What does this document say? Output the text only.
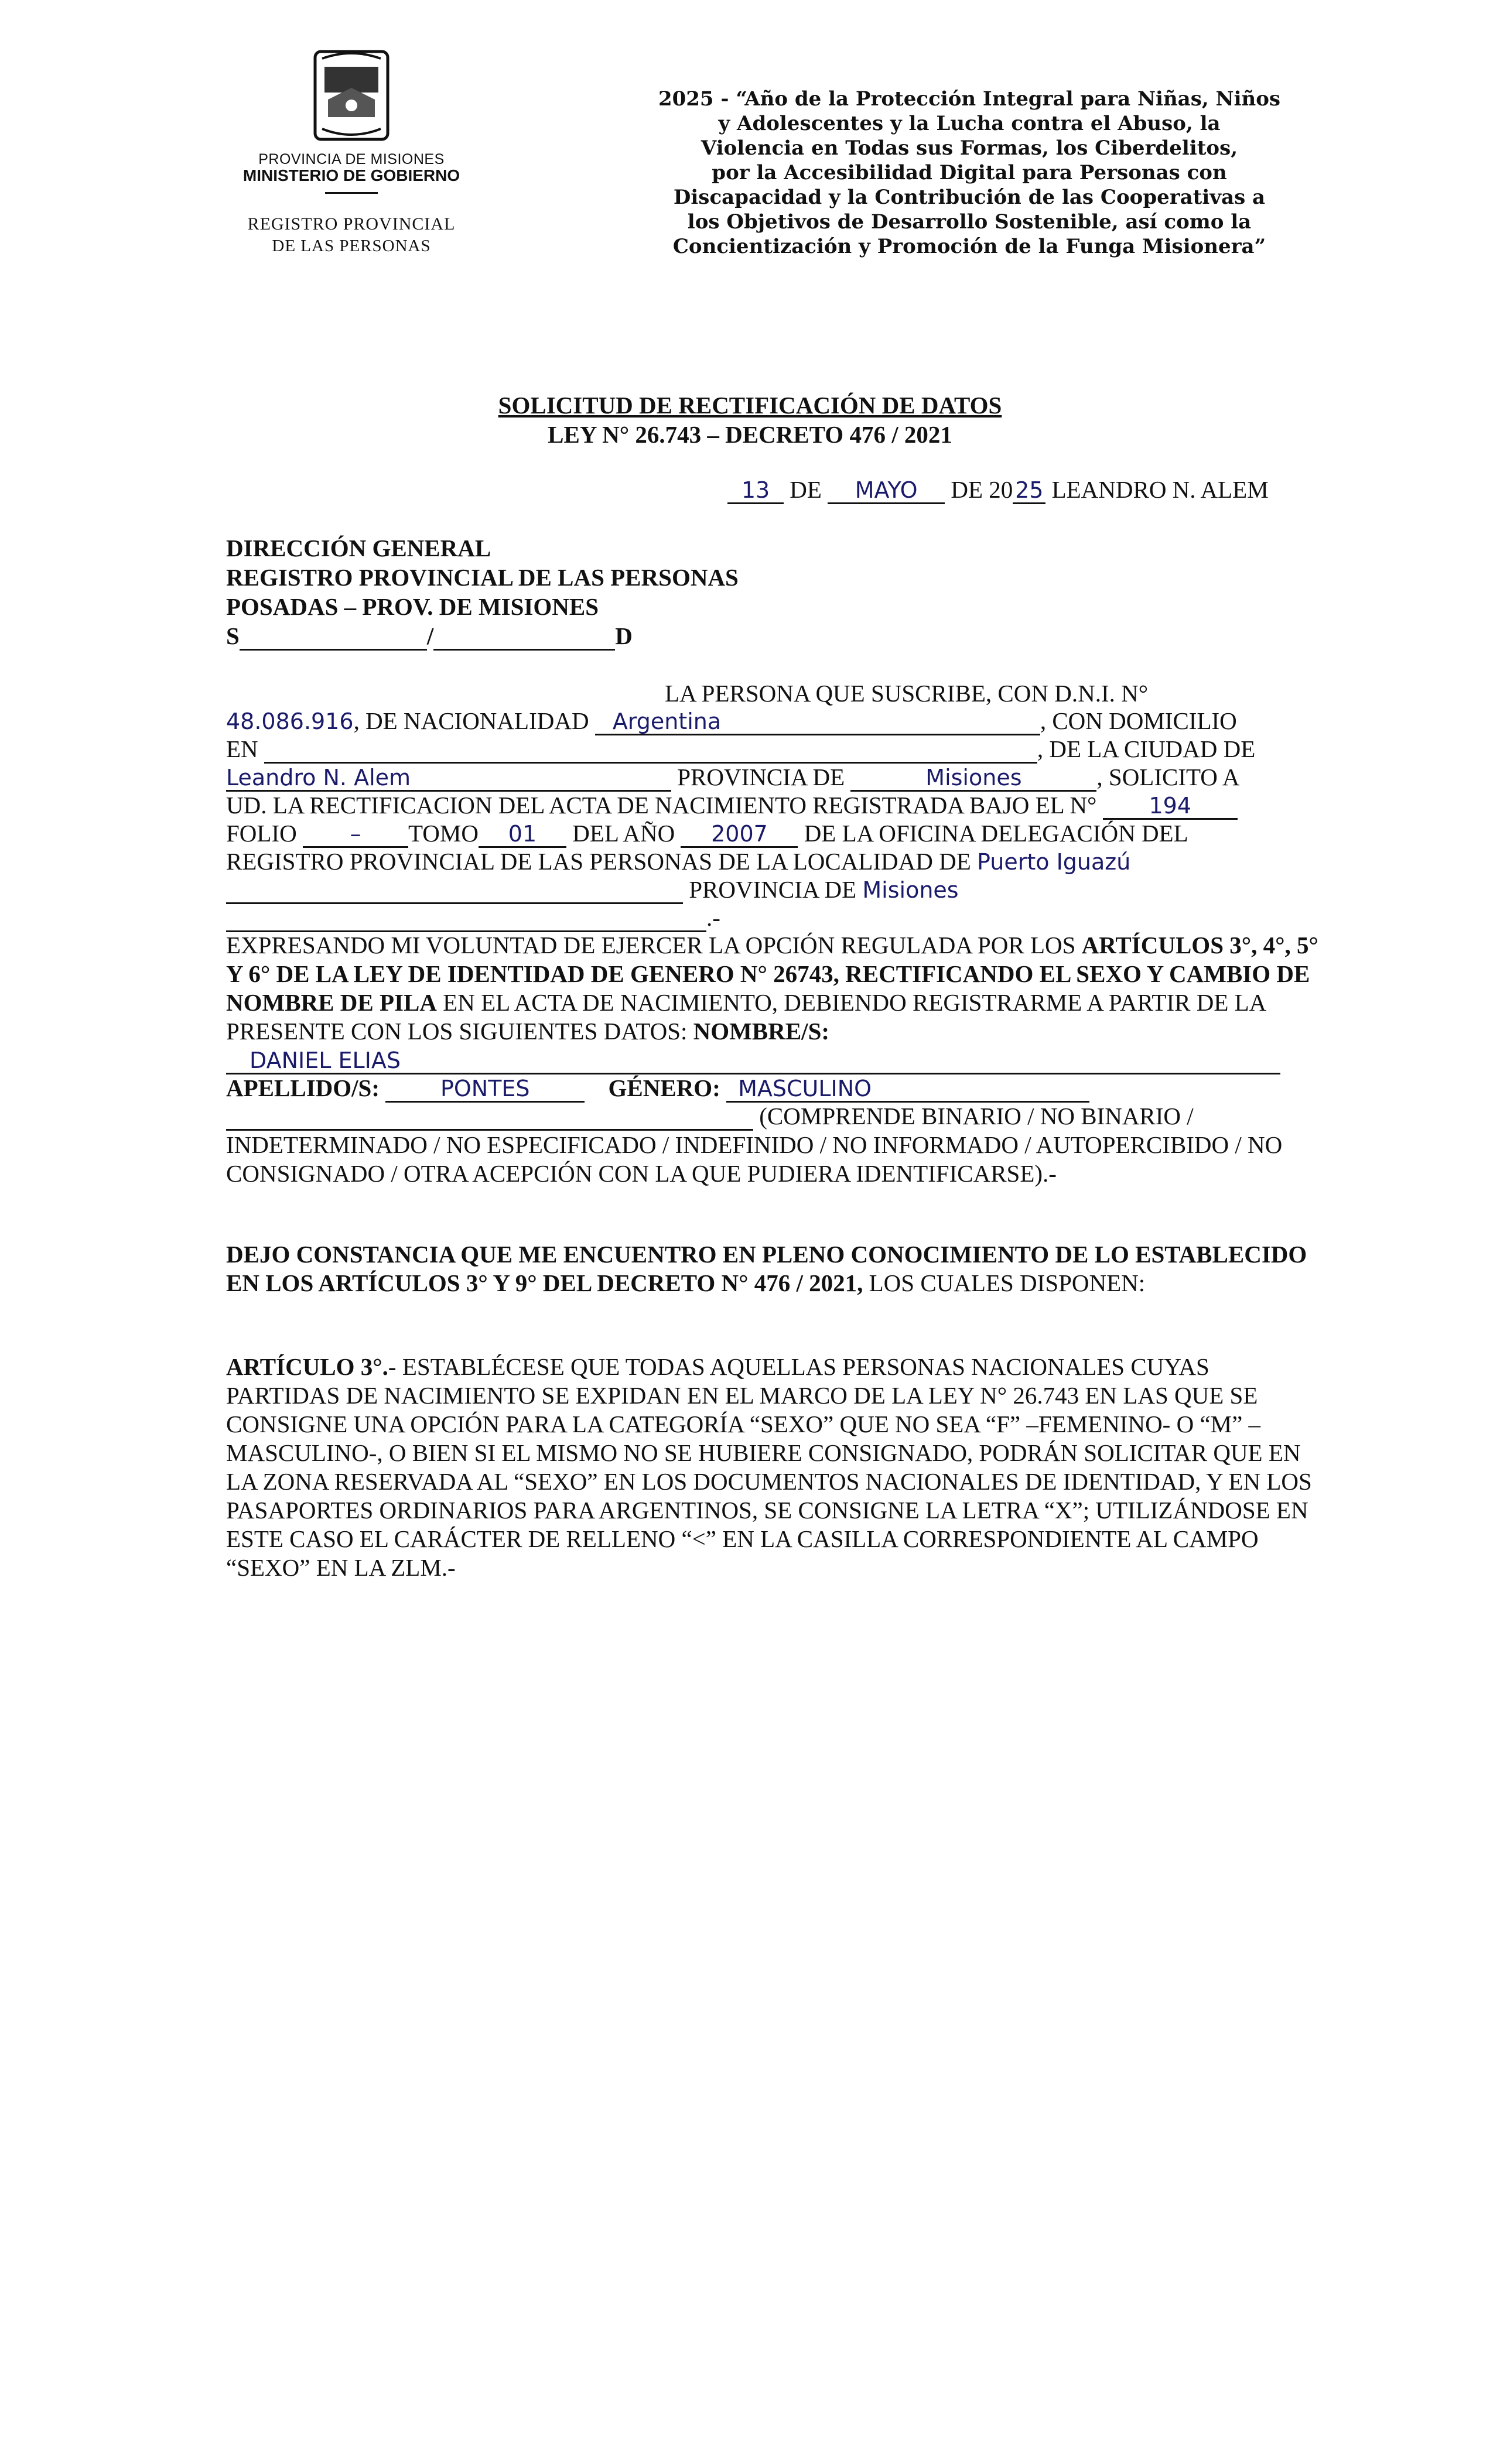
PROVINCIA DE MISIONES
MINISTERIO DE GOBIERNO
REGISTRO PROVINCIAL
DE LAS PERSONAS
2025 - “Año de la Protección Integral para Niñas, Niños
y Adolescentes y la Lucha contra el Abuso, la
Violencia en Todas sus Formas, los Ciberdelitos,
por la Accesibilidad Digital para Personas con
Discapacidad y la Contribución de las Cooperativas a
los Objetivos de Desarrollo Sostenible, así como la
Concientización y Promoción de la Funga Misionera”
SOLICITUD DE RECTIFICACIÓN DE DATOS
LEY N° 26.743 – DECRETO 476 / 2021
13 DE MAYO DE 20 25 LEANDRO N. ALEM
DIRECCIÓN GENERAL
REGISTRO PROVINCIAL DE LAS PERSONAS
POSADAS – PROV. DE MISIONES
S	/	D
LA PERSONA QUE SUSCRIBE, CON D.N.I. N°
48.086.916, DE NACIONALIDAD Argentina	, CON DOMICILIO
EN	, DE LA CIUDAD DE
Leandro N. Alem	PROVINCIA DE	Misiones	, SOLICITO A
UD. LA RECTIFICACION DEL ACTA DE NACIMIENTO REGISTRADA BAJO EL N° 194
FOLIO – TOMO 01 DEL AÑO 2007 DE LA OFICINA DELEGACIÓN DEL
REGISTRO PROVINCIAL DE LAS PERSONAS DE LA LOCALIDAD DE Puerto Iguazú
PROVINCIA DE Misiones
.-
EXPRESANDO MI VOLUNTAD DE EJERCER LA OPCIÓN REGULADA POR LOS ARTÍCULOS 3°, 4°, 5° Y 6° DE LA LEY DE IDENTIDAD DE GENERO N° 26743, RECTIFICANDO EL SEXO Y CAMBIO DE NOMBRE DE PILA EN EL ACTA DE NACIMIENTO, DEBIENDO REGISTRARME A PARTIR DE LA PRESENTE CON LOS SIGUIENTES DATOS: NOMBRE/S:
DANIEL ELIAS
APELLIDO/S:	PONTES	GÉNERO: MASCULINO
(COMPRENDE BINARIO / NO BINARIO / INDETERMINADO / NO ESPECIFICADO / INDEFINIDO / NO INFORMADO / AUTOPERCIBIDO / NO CONSIGNADO / OTRA ACEPCIÓN CON LA QUE PUDIERA IDENTIFICARSE).-
DEJO CONSTANCIA QUE ME ENCUENTRO EN PLENO CONOCIMIENTO DE LO ESTABLECIDO EN LOS ARTÍCULOS 3° Y 9° DEL DECRETO N° 476 / 2021, LOS CUALES DISPONEN:
ARTÍCULO 3°.- ESTABLÉCESE QUE TODAS AQUELLAS PERSONAS NACIONALES CUYAS PARTIDAS DE NACIMIENTO SE EXPIDAN EN EL MARCO DE LA LEY N° 26.743 EN LAS QUE SE CONSIGNE UNA OPCIÓN PARA LA CATEGORÍA “SEXO” QUE NO SEA “F” –FEMENINO- O “M” –MASCULINO-, O BIEN SI EL MISMO NO SE HUBIERE CONSIGNADO, PODRÁN SOLICITAR QUE EN LA ZONA RESERVADA AL “SEXO” EN LOS DOCUMENTOS NACIONALES DE IDENTIDAD, Y EN LOS PASAPORTES ORDINARIOS PARA ARGENTINOS, SE CONSIGNE LA LETRA “X”; UTILIZÁNDOSE EN ESTE CASO EL CARÁCTER DE RELLENO “<” EN LA CASILLA CORRESPONDIENTE AL CAMPO “SEXO” EN LA ZLM.-
